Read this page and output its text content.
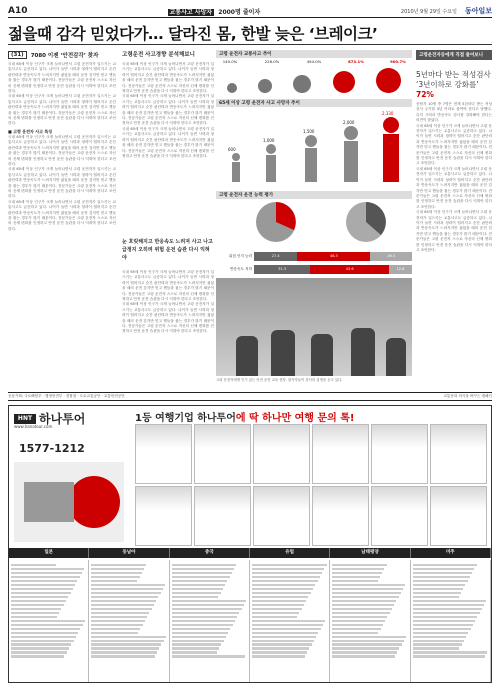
A10	교통사고 사망자 2000명 줄이자	2010년 9월 29일 수요일 동아일보
젊을때 감각 믿었다가… 달라진 몸, 한발 늦은 ‘브레이크’
(31)	7080 이젠 ‘안전감각’ 찾자	고령운전 사고경향 분석해보니

국내 65세 이상 인구가 크게 늘어나면서 고령 운전자가 일으키는 교통사고도 급증하고 있다. 나이가 들면 시력과 청력이 떨어지고 순간 판단력과 반응속도가 느려지지만 젊었을 때의 운전 감각만 믿고 핸들을 잡는 경우가 많기 때문이다. 전문가들은 고령 운전자 스스로 자신의 신체 변화를 인정하고 안전 운전 습관을 다시 익혀야 한다고 조언한다.

국내 65세 이상 인구가 크게 늘어나면서 고령 운전자가 일으키는 교통사고도 급증하고 있다. 나이가 들면 시력과 청력이 떨어지고 순간 판단력과 반응속도가 느려지지만 젊었을 때의 운전 감각만 믿고 핸들을 잡는 경우가 많기 때문이다. 전문가들은 고령 운전자 스스로 자신의 신체 변화를 인정하고 안전 운전 습관을 다시 익혀야 한다고 조언한다.

■ 고령 운전자 사고 특징

국내 65세 이상 인구가 크게 늘어나면서 고령 운전자가 일으키는 교통사고도 급증하고 있다. 나이가 들면 시력과 청력이 떨어지고 순간 판단력과 반응속도가 느려지지만 젊었을 때의 운전 감각만 믿고 핸들을 잡는 경우가 많기 때문이다. 전문가들은 고령 운전자 스스로 자신의 신체 변화를 인정하고 안전 운전 습관을 다시 익혀야 한다고 조언한다.

국내 65세 이상 인구가 크게 늘어나면서 고령 운전자가 일으키는 교통사고도 급증하고 있다. 나이가 들면 시력과 청력이 떨어지고 순간 판단력과 반응속도가 느려지지만 젊었을 때의 운전 감각만 믿고 핸들을 잡는 경우가 많기 때문이다. 전문가들은 고령 운전자 스스로 자신의 신체 변화를 인정하고 안전 운전 습관을 다시 익혀야 한다고 조언한다.

국내 65세 이상 인구가 크게 늘어나면서 고령 운전자가 일으키는 교통사고도 급증하고 있다. 나이가 들면 시력과 청력이 떨어지고 순간 판단력과 반응속도가 느려지지만 젊었을 때의 운전 감각만 믿고 핸들을 잡는 경우가 많기 때문이다. 전문가들은 고령 운전자 스스로 자신의 신체 변화를 인정하고 안전 운전 습관을 다시 익혀야 한다고 조언한다.

국내 65세 이상 인구가 크게 늘어나면서 고령 운전자가 일으키는 교통사고도 급증하고 있다. 나이가 들면 시력과 청력이 떨어지고 순간 판단력과 반응속도가 느려지지만 젊었을 때의 운전 감각만 믿고 핸들을 잡는 경우가 많기 때문이다. 전문가들은 고령 운전자 스스로 자신의 신체 변화를 인정하고 안전 운전 습관을 다시 익혀야 한다고 조언한다.

국내 65세 이상 인구가 크게 늘어나면서 고령 운전자가 일으키는 교통사고도 급증하고 있다. 나이가 들면 시력과 청력이 떨어지고 순간 판단력과 반응속도가 느려지지만 젊었을 때의 운전 감각만 믿고 핸들을 잡는 경우가 많기 때문이다. 전문가들은 고령 운전자 스스로 자신의 신체 변화를 인정하고 안전 운전 습관을 다시 익혀야 한다고 조언한다.

국내 65세 이상 인구가 크게 늘어나면서 고령 운전자가 일으키는 교통사고도 급증하고 있다. 나이가 들면 시력과 청력이 떨어지고 순간 판단력과 반응속도가 느려지지만 젊었을 때의 운전 감각만 믿고 핸들을 잡는 경우가 많기 때문이다. 전문가들은 고령 운전자 스스로 자신의 신체 변화를 인정하고 안전 운전 습관을 다시 익혀야 한다고 조언한다.

눈 흐릿해지고 반응속도 느려져 사고 나고 급정지 오히려 위험 운전 습관 다시 익혀야

국내 65세 이상 인구가 크게 늘어나면서 고령 운전자가 일으키는 교통사고도 급증하고 있다. 나이가 들면 시력과 청력이 떨어지고 순간 판단력과 반응속도가 느려지지만 젊었을 때의 운전 감각만 믿고 핸들을 잡는 경우가 많기 때문이다. 전문가들은 고령 운전자 스스로 자신의 신체 변화를 인정하고 안전 운전 습관을 다시 익혀야 한다고 조언한다.

국내 65세 이상 인구가 크게 늘어나면서 고령 운전자가 일으키는 교통사고도 급증하고 있다. 나이가 들면 시력과 청력이 떨어지고 순간 판단력과 반응속도가 느려지지만 젊었을 때의 운전 감각만 믿고 핸들을 잡는 경우가 많기 때문이다. 전문가들은 고령 운전자 스스로 자신의 신체 변화를 인정하고 안전 운전 습관을 다시 익혀야 한다고 조언한다.

고령 운전자 교통사고 추이
140.0%	226.0%	494.0%	873.1%	900.7%
65세 이상 고령 운전자 사고 사망자 추이
600
1,000
1,500
2,000
2,330
고령 운전자 운전 능력 평가
위험 인지 능력	27.4	46.3	26.3
반응속도 저하	31.3	43.6	12.8
고령 운전자에게 인기 있는 안전 운전 교육 현장. 참가자들이 강사의 설명을 듣고 있다.
고령운전자등에게 직접 물어보니
5년마다 받는 적성검사
‘3년이하로 강화를’ 72%

응답자 10명 중 7명은 현재 5년마다 받는 적성검사 주기를 3년 이하로 줄여야 한다고 답했다. 특히 시력과 반응속도 검사를 강화해야 한다는 의견이 많았다.

국내 65세 이상 인구가 크게 늘어나면서 고령 운전자가 일으키는 교통사고도 급증하고 있다. 나이가 들면 시력과 청력이 떨어지고 순간 판단력과 반응속도가 느려지지만 젊었을 때의 운전 감각만 믿고 핸들을 잡는 경우가 많기 때문이다. 전문가들은 고령 운전자 스스로 자신의 신체 변화를 인정하고 안전 운전 습관을 다시 익혀야 한다고 조언한다.

국내 65세 이상 인구가 크게 늘어나면서 고령 운전자가 일으키는 교통사고도 급증하고 있다. 나이가 들면 시력과 청력이 떨어지고 순간 판단력과 반응속도가 느려지지만 젊었을 때의 운전 감각만 믿고 핸들을 잡는 경우가 많기 때문이다. 전문가들은 고령 운전자 스스로 자신의 신체 변화를 인정하고 안전 운전 습관을 다시 익혀야 한다고 조언한다.

국내 65세 이상 인구가 크게 늘어나면서 고령 운전자가 일으키는 교통사고도 급증하고 있다. 나이가 들면 시력과 청력이 떨어지고 순간 판단력과 반응속도가 느려지지만 젊었을 때의 운전 감각만 믿고 핸들을 잡는 경우가 많기 때문이다. 전문가들은 고령 운전자 스스로 자신의 신체 변화를 인정하고 안전 운전 습관을 다시 익혀야 한다고 조언한다.

공동기획: 국토해양부 · 행정안전부 · 경찰청 · 도로교통공단 · 교통안전공단	교통문화 의식을 바꾸는 캠페인
HNT 하나투어
www.hanatour.com
1577-1212
1등 여행기업 하나투어에 딱 하나만 여행 문의 톡!
일본	동남아	중국	유럽	남태평양	미주
